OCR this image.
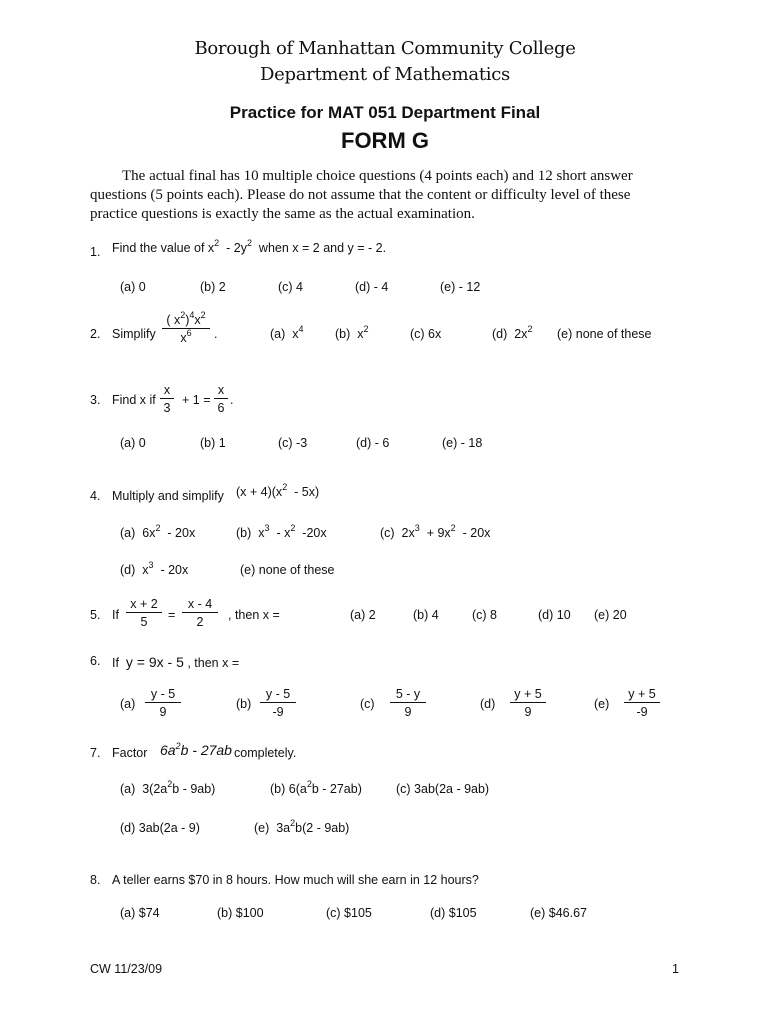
Borough of Manhattan Community College
Department of Mathematics
Practice for MAT 051 Department Final
FORM G

The actual final has 10 multiple choice questions (4 points each) and 12 short answer questions (5 points each). Please do not assume that the content or difficulty level of these practice questions is exactly the same as the actual examination.

1. Find the value of $x^2 - 2y^2$  when x = 2 and y = - 2.
(a) 0	(b) 2	(c) 4	(d) - 4	(e) - 12
2. Simplify $\frac{( x^2)^4x^2}{x^6}$ .	(a)  $x^4$	(b)  $x^2$	(c) 6x	(d)  $2x^2$ (e) none of these
3. Find x if $\frac{x}{3} + 1 = \frac{x}{6}$ .
(a) 0	(b) 1	(c) -3	(d) - 6	(e) - 18
4. Multiply and simplify $(x + 4)(x^2 - 5x)$
(a)  $6x^2 - 20x$	(b)  $x^3 - x^2$  -20x	(c)  $2x^3 + 9x^2 - 20x$
(d)  $x^3 - 20x$	(e) none of these
5. If $\frac{x + 2}{5} = \frac{x - 4}{2}$ , then x =	(a) 2	(b) 4	(c) 8	(d) 10 (e) 20
6. If  y = 9x - 5 , then x =
$(a) \frac{y - 5}{9}$	$(b) \frac{y - 5}{-9}$	$(c) \frac{5 - y}{9}$	$(d) \frac{y + 5}{9}$	$(e) \frac{y + 5}{-9}$
7. Factor $6a^2b - 27ab$ completely.
(a)  $3(2a^2b - 9ab)$	(b) $6(a^2b - 27ab)$	(c) 3ab(2a - 9ab)
(d) 3ab(2a - 9)	(e)  $3a^2b(2 - 9ab)$
8. A teller earns $70 in 8 hours. How much will she earn in 12 hours?
(a) $74	(b) $100	(c) $105	(d) $105	(e) $46.67
CW 11/23/09	1
